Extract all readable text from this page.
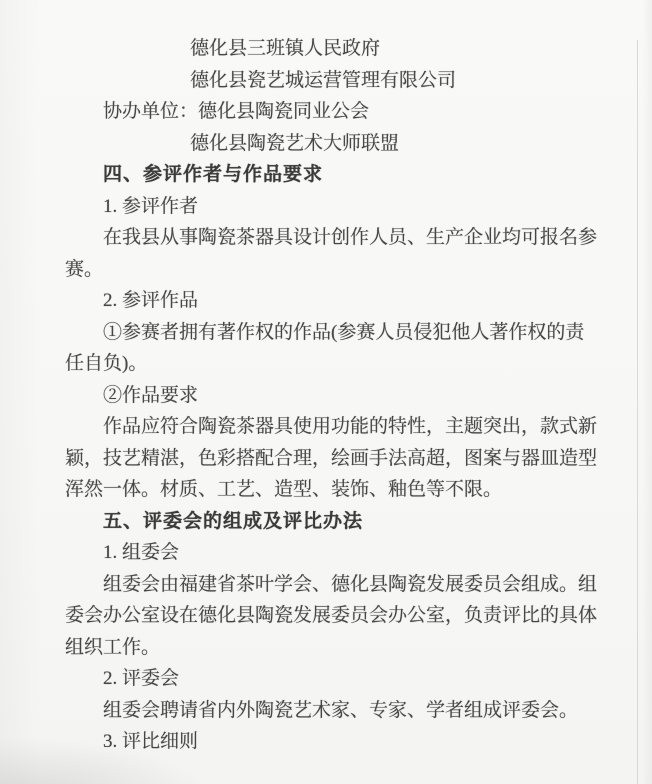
德化县三班镇人民政府
德化县瓷艺城运营管理有限公司
协办单位：德化县陶瓷同业公会
德化县陶瓷艺术大师联盟
四、参评作者与作品要求
1. 参评作者
在我县从事陶瓷茶器具设计创作人员、生产企业均可报名参
赛。
2. 参评作品
①参赛者拥有著作权的作品(参赛人员侵犯他人著作权的责
任自负)。
②作品要求
作品应符合陶瓷茶器具使用功能的特性，主题突出，款式新
颖，技艺精湛，色彩搭配合理，绘画手法高超，图案与器皿造型
浑然一体。材质、工艺、造型、装饰、釉色等不限。
五、评委会的组成及评比办法
1. 组委会
组委会由福建省茶叶学会、德化县陶瓷发展委员会组成。组
委会办公室设在德化县陶瓷发展委员会办公室，负责评比的具体
组织工作。
2. 评委会
组委会聘请省内外陶瓷艺术家、专家、学者组成评委会。
3. 评比细则
